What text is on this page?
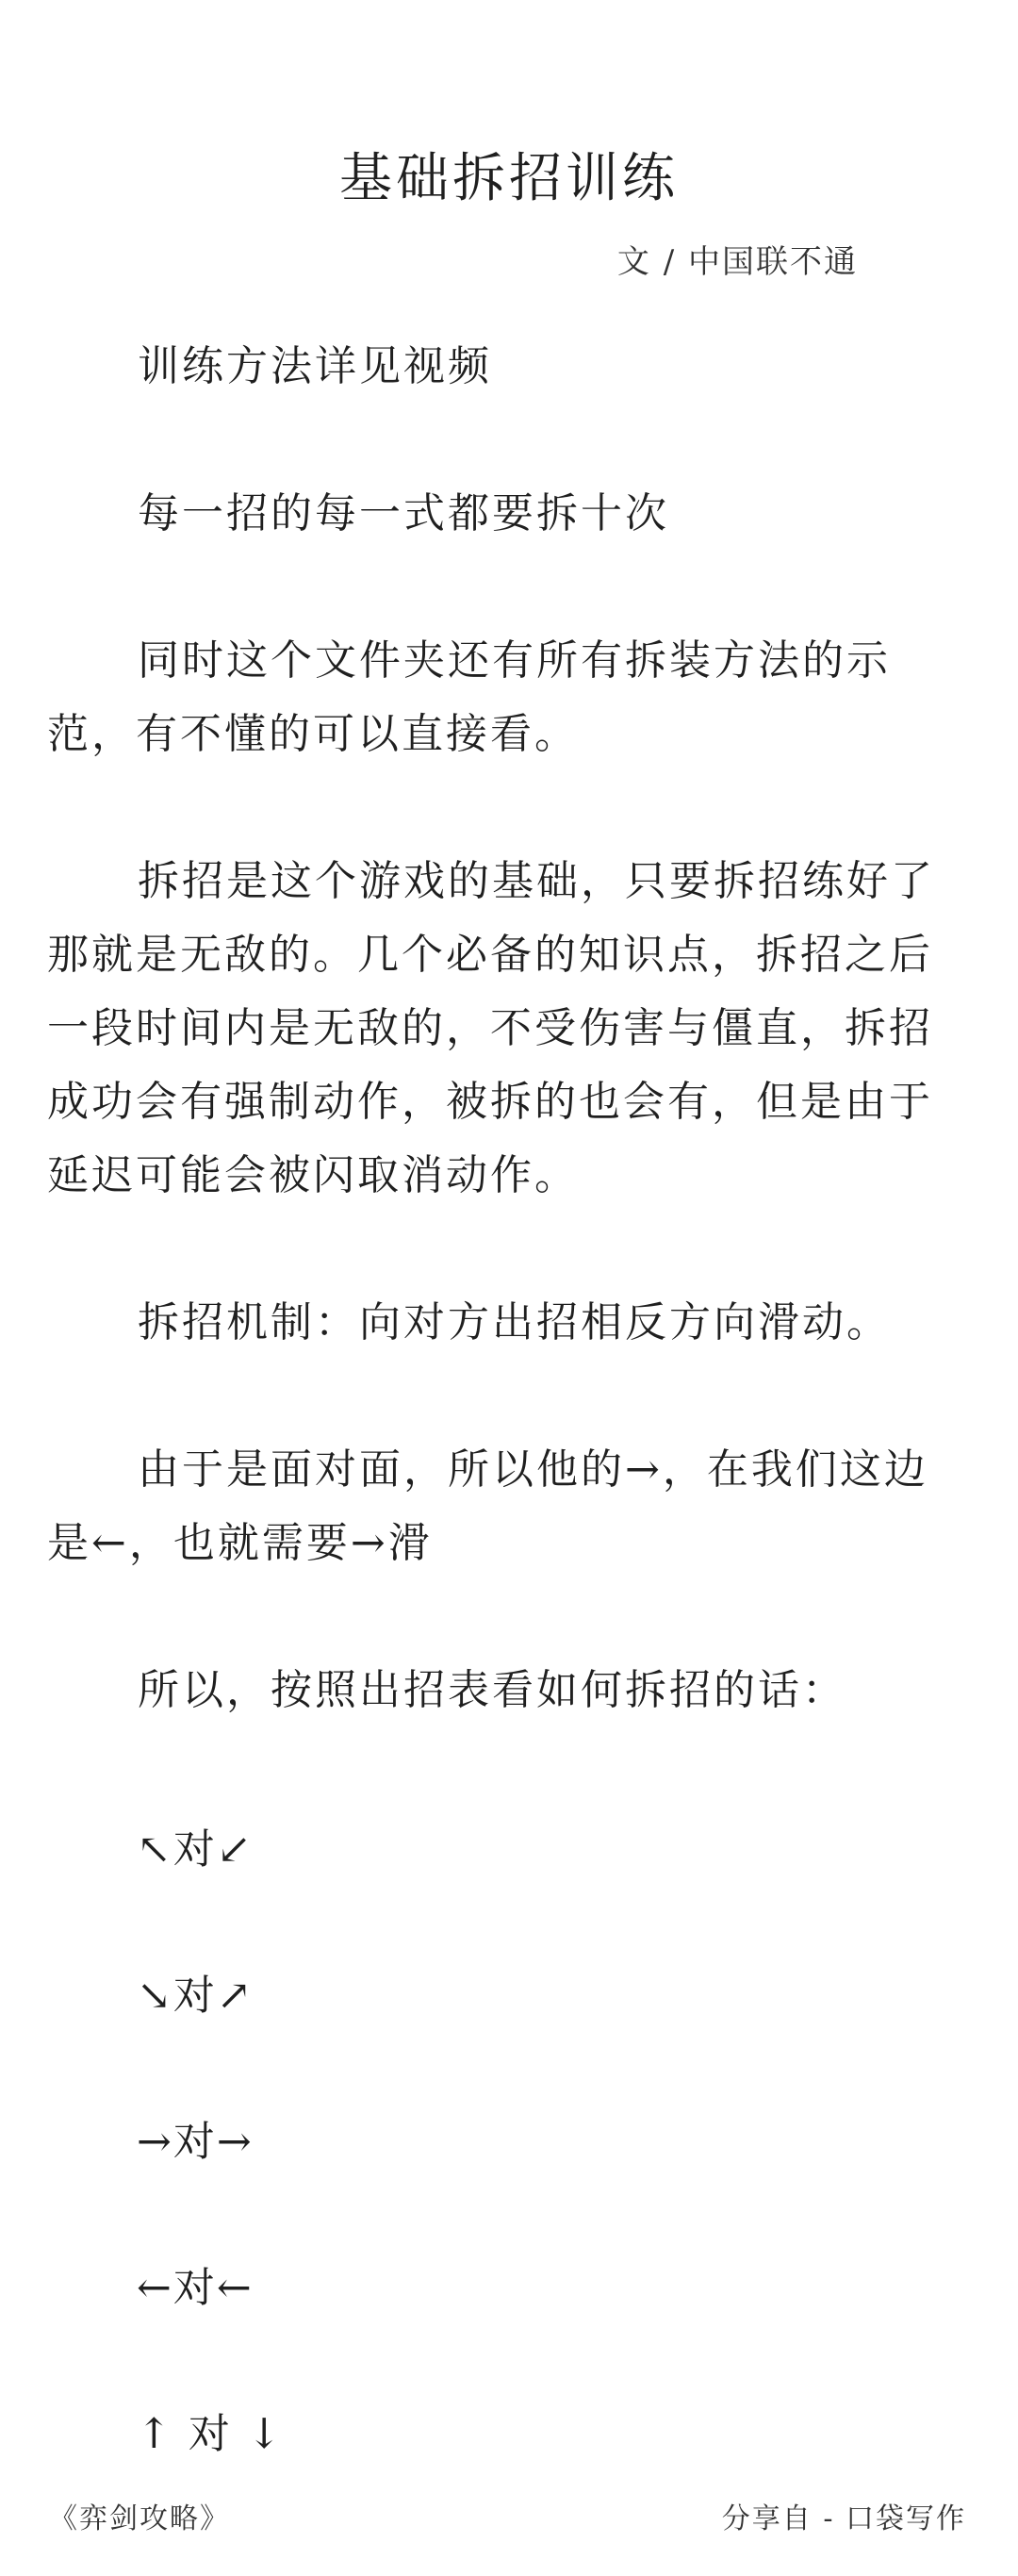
基础拆招训练
文 / 中国联不通

训练方法详见视频

每一招的每一式都要拆十次

同时这个文件夹还有所有拆装方法的示范，有不懂的可以直接看。

拆招是这个游戏的基础，只要拆招练好了那就是无敌的。几个必备的知识点，拆招之后一段时间内是无敌的，不受伤害与僵直，拆招成功会有强制动作，被拆的也会有，但是由于延迟可能会被闪取消动作。

拆招机制：向对方出招相反方向滑动。

由于是面对面，所以他的→，在我们这边是←，也就需要→滑

所以，按照出招表看如何拆招的话：

↖对↙
↘对↗
→对→
←对←
↑ 对 ↓
《弈剑攻略》	分享自 - 口袋写作
